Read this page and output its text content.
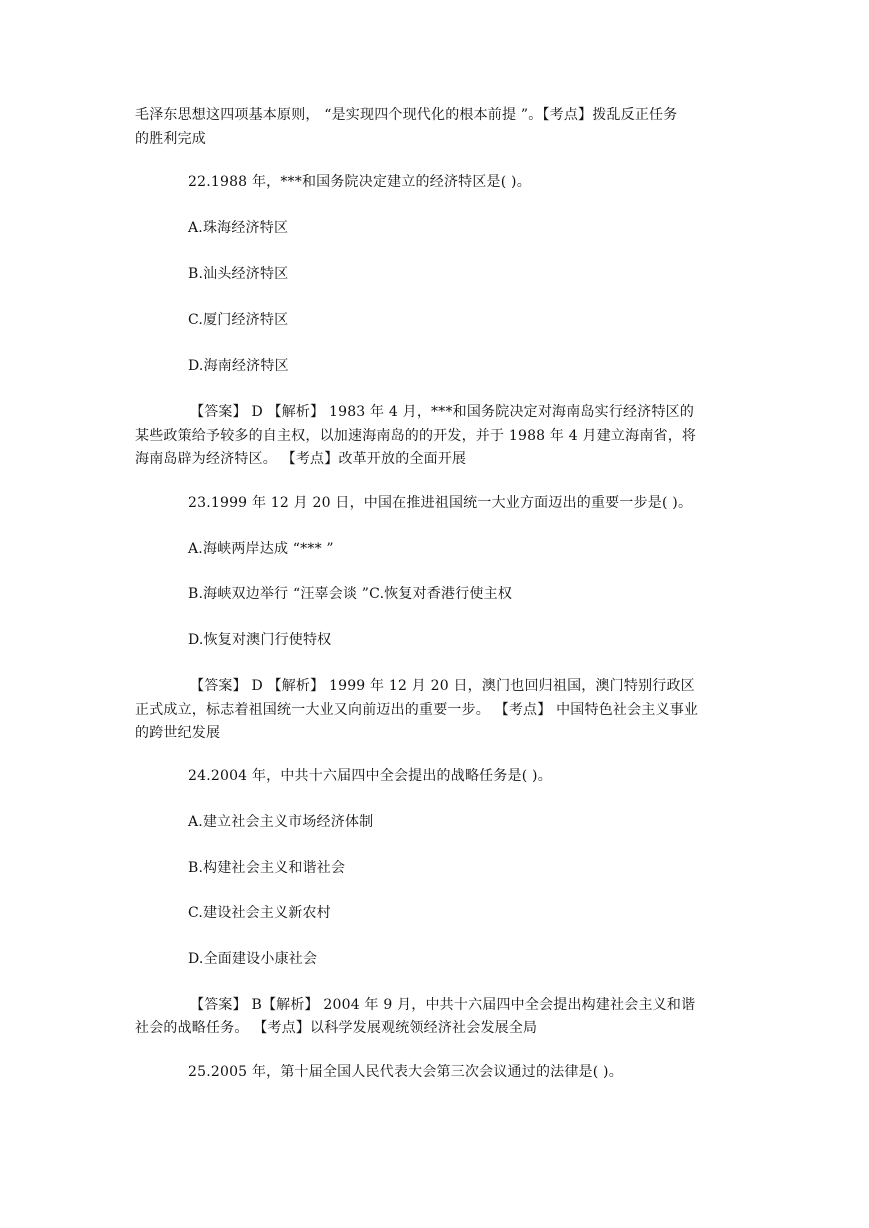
毛泽东思想这四项基本原则， “是实现四个现代化的根本前提 ”。【考点】拨乱反正任务

的胜利完成

22.1988 年，***和国务院决定建立的经济特区是( )。

A.珠海经济特区

B.汕头经济特区

C.厦门经济特区

D.海南经济特区

【答案】 D 【解析】 1983 年 4 月，***和国务院决定对海南岛实行经济特区的

某些政策给予较多的自主权，以加速海南岛的的开发，并于 1988 年 4 月建立海南省，将

海南岛辟为经济特区。 【考点】改革开放的全面开展

23.1999 年 12 月 20 日，中国在推进祖国统一大业方面迈出的重要一步是( )。

A.海峡两岸达成 “*** ”

B.海峡双边举行 “汪辜会谈 ”C.恢复对香港行使主权

D.恢复对澳门行使特权

【答案】 D 【解析】 1999 年 12 月 20 日，澳门也回归祖国，澳门特别行政区

正式成立，标志着祖国统一大业又向前迈出的重要一步。 【考点】 中国特色社会主义事业

的跨世纪发展

24.2004 年，中共十六届四中全会提出的战略任务是( )。

A.建立社会主义市场经济体制

B.构建社会主义和谐社会

C.建设社会主义新农村

D.全面建设小康社会

【答案】 B【解析】 2004 年 9 月，中共十六届四中全会提出构建社会主义和谐

社会的战略任务。 【考点】以科学发展观统领经济社会发展全局

25.2005 年，第十届全国人民代表大会第三次会议通过的法律是( )。
